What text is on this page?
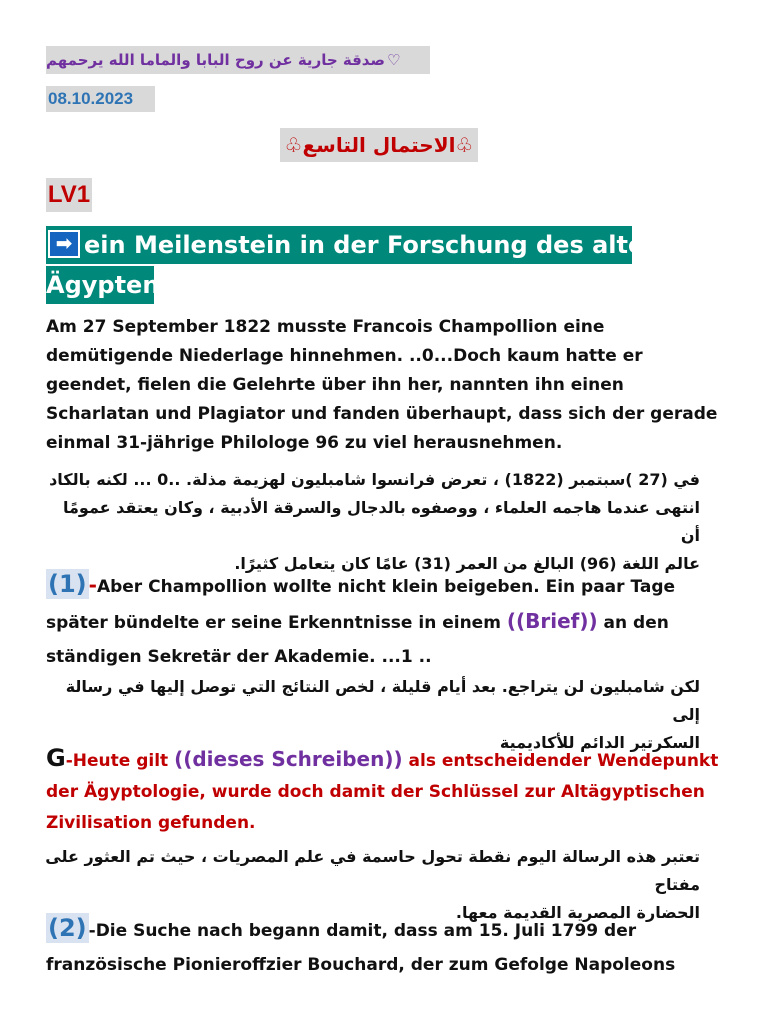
♡صدقة جارية عن روح البابا والماما الله يرحمهم
08.10.2023
♧الاحتمال التاسع♧
LV1
➡ ein Meilenstein in der Forschung des alten
Ägypten
Am 27 September 1822 musste Francois Champollion eine
demütigende Niederlage hinnehmen. ..0...Doch kaum hatte er
geendet, fielen die Gelehrte über ihn her, nannten ihn einen
Scharlatan und Plagiator und fanden überhaupt, dass sich der gerade
einmal 31-jährige Philologe 96 zu viel herausnehmen.
في (27 )سبتمبر (1822) ، تعرض فرانسوا شامبليون لهزيمة مذلة. ..0 ... لكنه بالكاد
انتهى عندما هاجمه العلماء ، ووصفوه بالدجال والسرقة الأدبية ، وكان يعتقد عمومًا أن
عالم اللغة (96) البالغ من العمر (31) عامًا كان يتعامل كثيرًا.
(1) -Aber Champollion wollte nicht klein beigeben. Ein paar Tage
später bündelte er seine Erkenntnisse in einem ((Brief)) an den
ständigen Sekretär der Akademie. ...1 ..
لكن شامبليون لن يتراجع. بعد أيام قليلة ، لخص النتائج التي توصل إليها في رسالة إلى
السكرتير الدائم للأكاديمية
G-Heute gilt ((dieses Schreiben)) als entscheidender Wendepunkt
der Ägyptologie, wurde doch damit der Schlüssel zur Altägyptischen
Zivilisation gefunden.
تعتبر هذه الرسالة اليوم نقطة تحول حاسمة في علم المصريات ، حيث تم العثور على مفتاح
الحضارة المصرية القديمة معها.
(2) -Die Suche nach begann damit, dass am 15. Juli 1799 der
französische Pionieroffzier Bouchard, der zum Gefolge Napoleons
